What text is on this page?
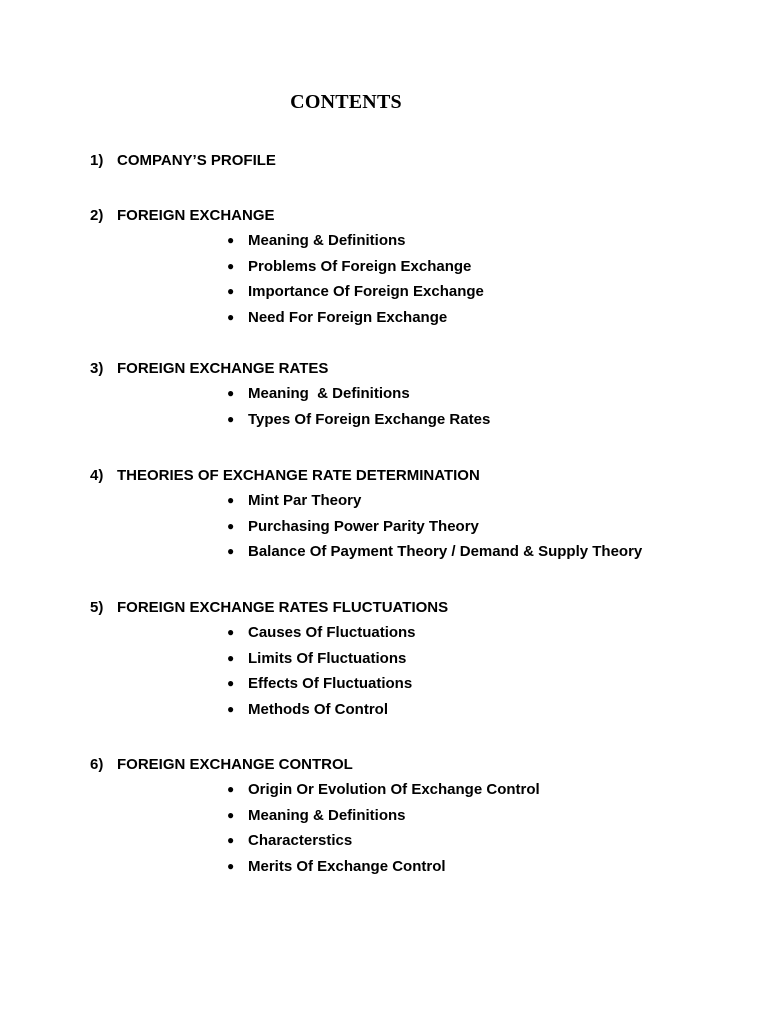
CONTENTS
1) COMPANY’S PROFILE
2) FOREIGN EXCHANGE
● Meaning & Definitions
● Problems Of Foreign Exchange
● Importance Of Foreign Exchange
● Need For Foreign Exchange
3) FOREIGN EXCHANGE RATES
● Meaning  & Definitions
● Types Of Foreign Exchange Rates
4) THEORIES OF EXCHANGE RATE DETERMINATION
● Mint Par Theory
● Purchasing Power Parity Theory
● Balance Of Payment Theory / Demand & Supply Theory
5) FOREIGN EXCHANGE RATES FLUCTUATIONS
● Causes Of Fluctuations
● Limits Of Fluctuations
● Effects Of Fluctuations
● Methods Of Control
6) FOREIGN EXCHANGE CONTROL
● Origin Or Evolution Of Exchange Control
● Meaning & Definitions
● Characterstics
● Merits Of Exchange Control
